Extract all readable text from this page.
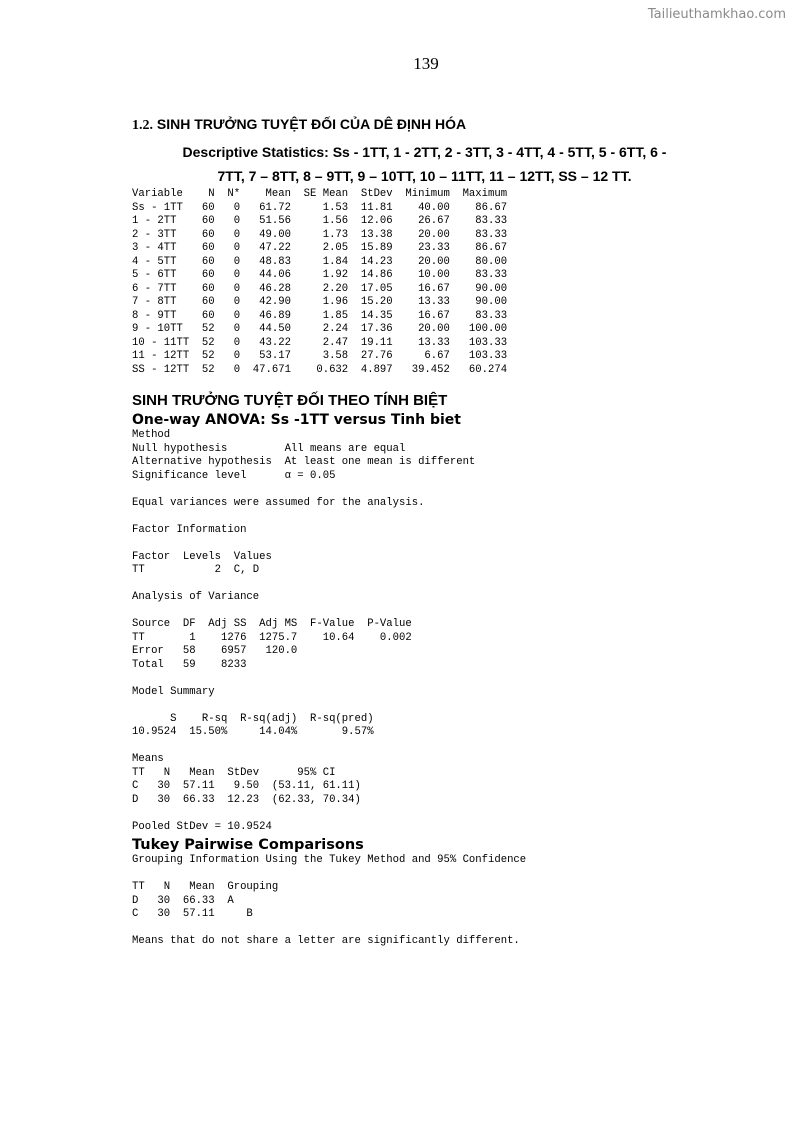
Tailieuthamkhao.com
139

1.2. SINH TRƯỞNG TUYỆT ĐỐI CỦA DÊ ĐỊNH HÓA

Descriptive Statistics: Ss - 1TT, 1 - 2TT, 2 - 3TT, 3 - 4TT, 4 - 5TT, 5 - 6TT, 6 -
7TT, 7 – 8TT, 8 – 9TT, 9 – 10TT, 10 – 11TT, 11 – 12TT, SS – 12 TT.
Variable    N  N*    Mean  SE Mean  StDev  Minimum  Maximum
Ss - 1TT   60   0   61.72     1.53  11.81    40.00    86.67
1 - 2TT    60   0   51.56     1.56  12.06    26.67    83.33
2 - 3TT    60   0   49.00     1.73  13.38    20.00    83.33
3 - 4TT    60   0   47.22     2.05  15.89    23.33    86.67
4 - 5TT    60   0   48.83     1.84  14.23    20.00    80.00
5 - 6TT    60   0   44.06     1.92  14.86    10.00    83.33
6 - 7TT    60   0   46.28     2.20  17.05    16.67    90.00
7 - 8TT    60   0   42.90     1.96  15.20    13.33    90.00
8 - 9TT    60   0   46.89     1.85  14.35    16.67    83.33
9 - 10TT   52   0   44.50     2.24  17.36    20.00   100.00
10 - 11TT  52   0   43.22     2.47  19.11    13.33   103.33
11 - 12TT  52   0   53.17     3.58  27.76     6.67   103.33
SS - 12TT  52   0  47.671    0.632  4.897   39.452   60.274

SINH TRƯỞNG TUYỆT ĐỐI THEO TÍNH BIỆT

One-way ANOVA: Ss -1TT versus Tinh biet

Method
Null hypothesis         All means are equal
Alternative hypothesis  At least one mean is different
Significance level      α = 0.05
Equal variances were assumed for the analysis.
Factor Information
Factor  Levels  Values
TT           2  C, D
Analysis of Variance
Source  DF  Adj SS  Adj MS  F-Value  P-Value
TT       1    1276  1275.7    10.64    0.002
Error   58    6957   120.0
Total   59    8233
Model Summary
S    R-sq  R-sq(adj)  R-sq(pred)
10.9524  15.50%     14.04%       9.57%
Means
TT   N   Mean  StDev      95% CI
C   30  57.11   9.50  (53.11, 61.11)
D   30  66.33  12.23  (62.33, 70.34)
Pooled StDev = 10.9524

Tukey Pairwise Comparisons

Grouping Information Using the Tukey Method and 95% Confidence
TT   N   Mean  Grouping
D   30  66.33  A
C   30  57.11     B
Means that do not share a letter are significantly different.
